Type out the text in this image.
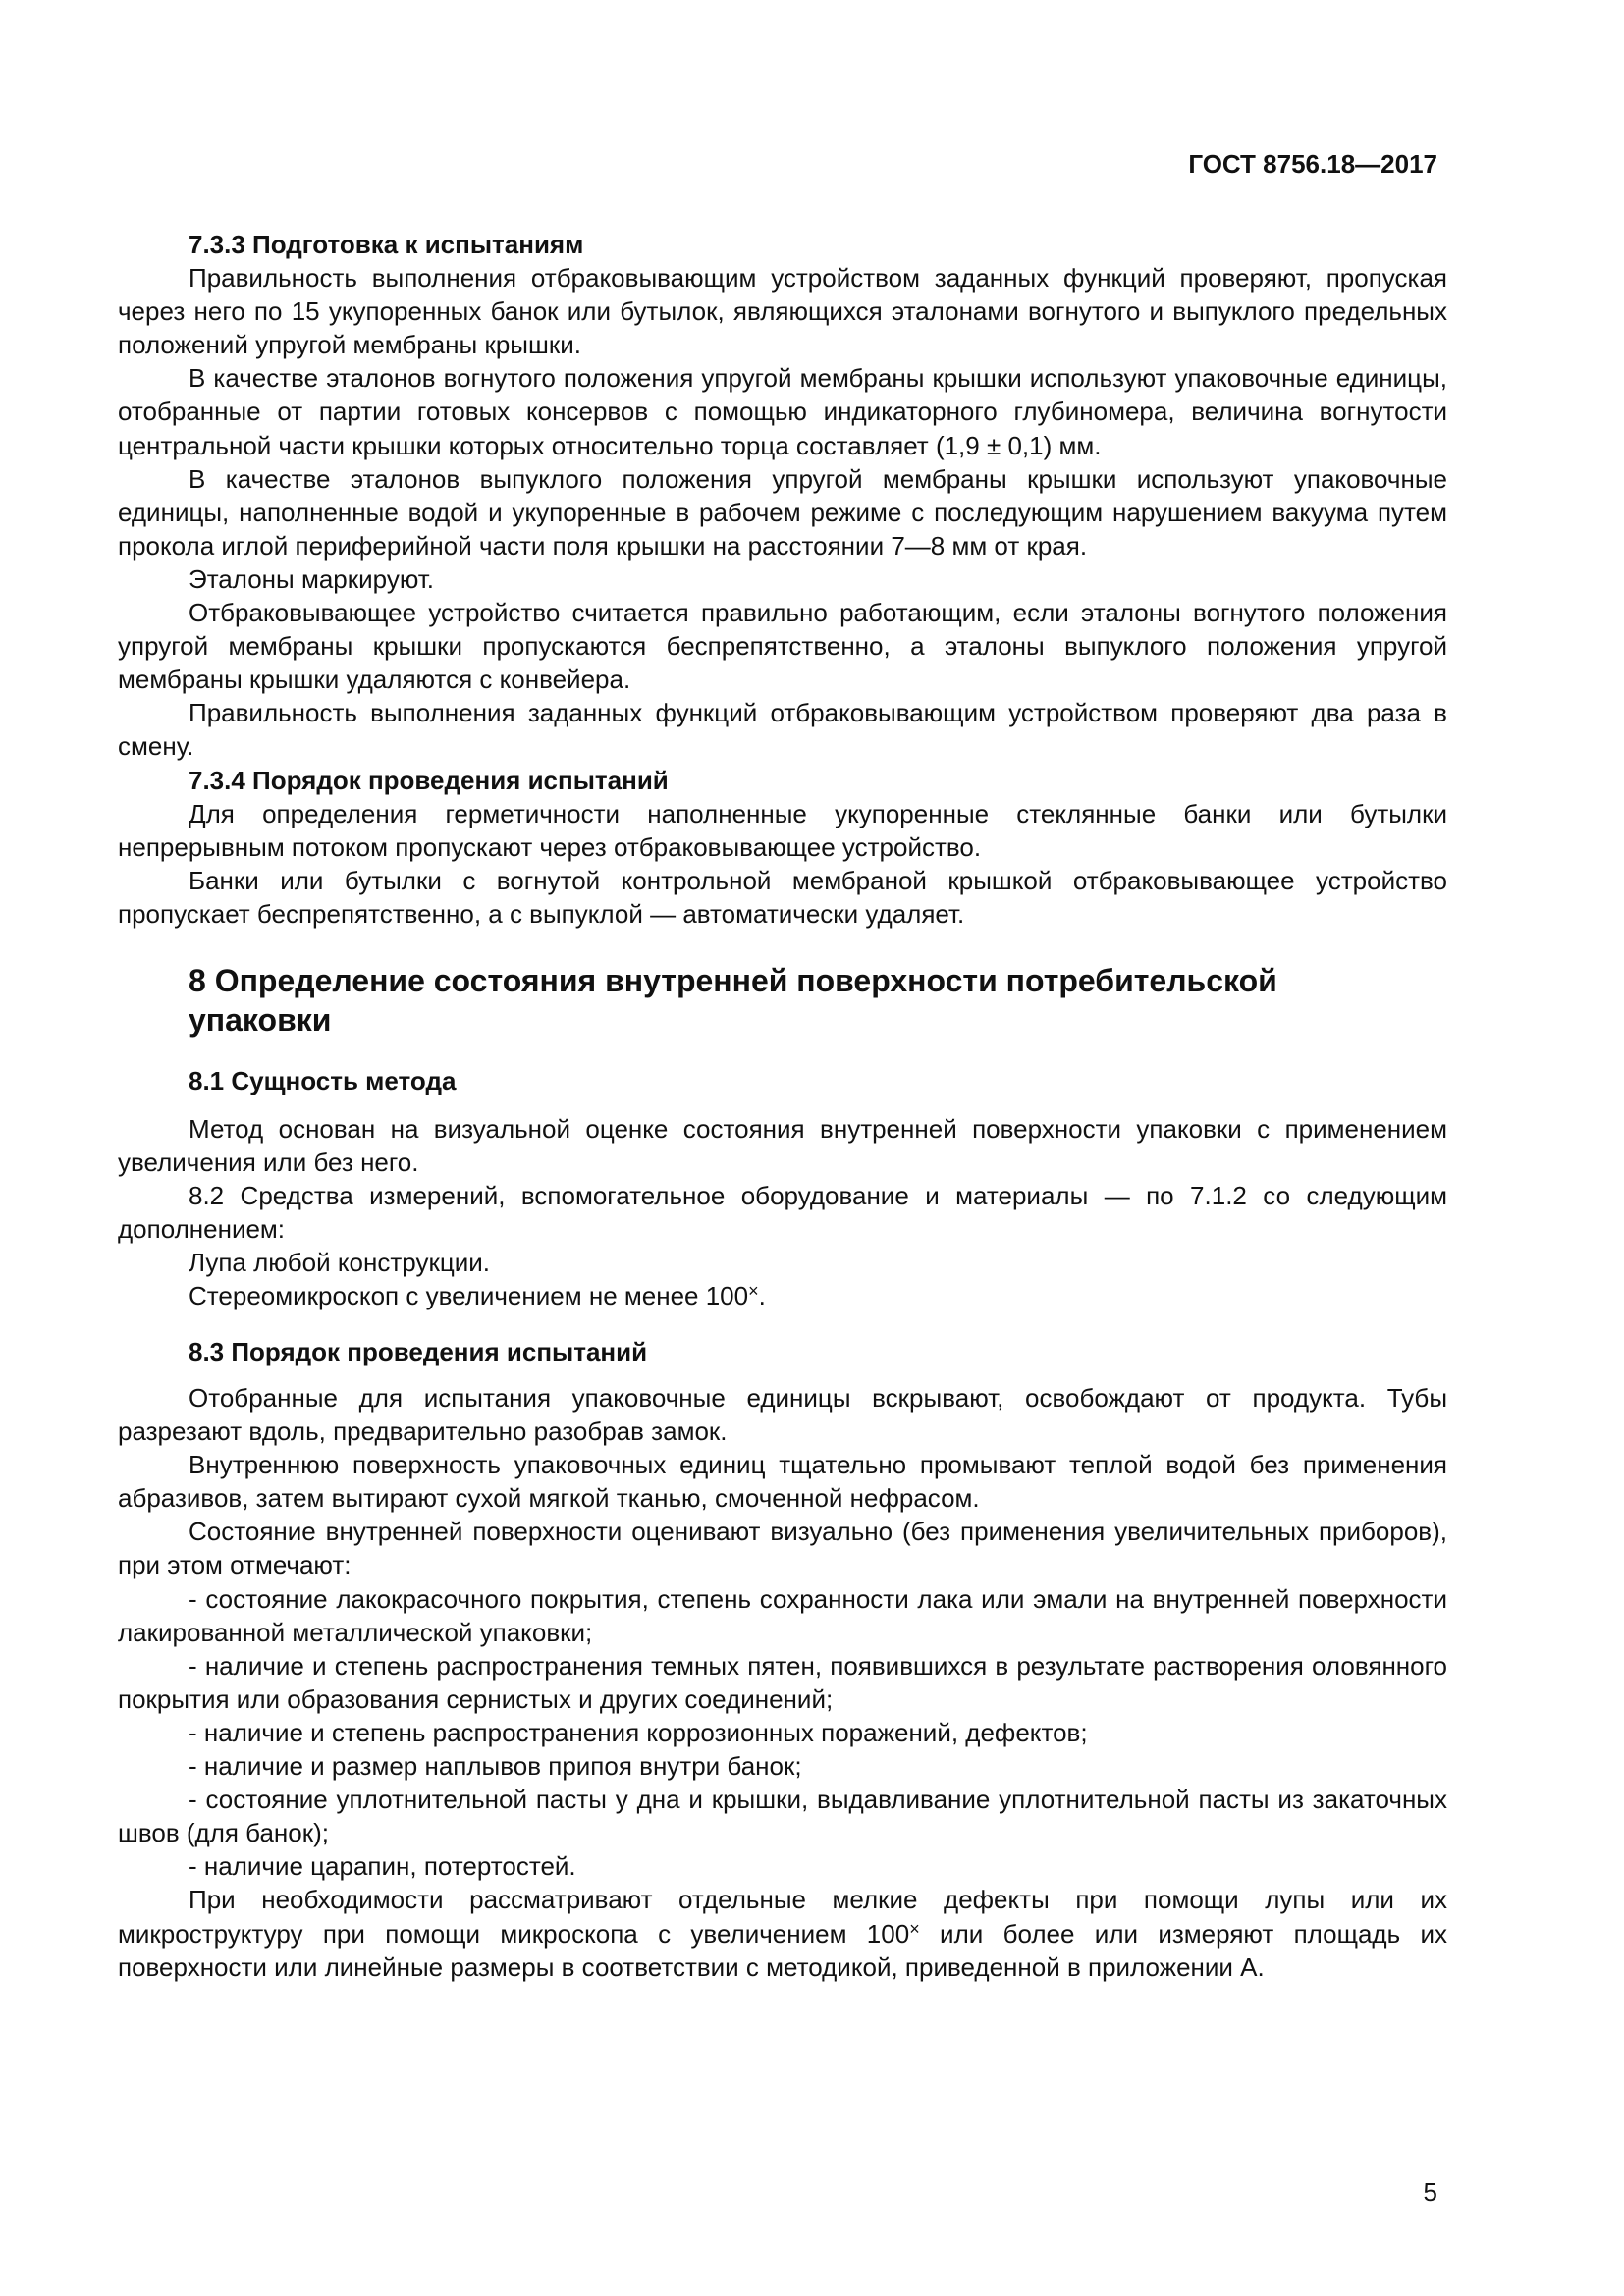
ГОСТ 8756.18—2017

7.3.3 Подготовка к испытаниям

Правильность выполнения отбраковывающим устройством заданных функций проверяют, пропуская через него по 15 укупоренных банок или бутылок, являющихся эталонами вогнутого и выпуклого предельных положений упругой мембраны крышки.

В качестве эталонов вогнутого положения упругой мембраны крышки используют упаковочные единицы, отобранные от партии готовых консервов с помощью индикаторного глубиномера, величина вогнутости центральной части крышки которых относительно торца составляет (1,9 ± 0,1) мм.

В качестве эталонов выпуклого положения упругой мембраны крышки используют упаковочные единицы, наполненные водой и укупоренные в рабочем режиме с последующим нарушением вакуума путем прокола иглой периферийной части поля крышки на расстоянии 7—8 мм от края.

Эталоны маркируют.

Отбраковывающее устройство считается правильно работающим, если эталоны вогнутого положения упругой мембраны крышки пропускаются беспрепятственно, а эталоны выпуклого положения упругой мембраны крышки удаляются с конвейера.

Правильность выполнения заданных функций отбраковывающим устройством проверяют два раза в смену.

7.3.4 Порядок проведения испытаний

Для определения герметичности наполненные укупоренные стеклянные банки или бутылки непрерывным потоком пропускают через отбраковывающее устройство.

Банки или бутылки с вогнутой контрольной мембраной крышкой отбраковывающее устройство пропускает беспрепятственно, а с выпуклой — автоматически удаляет.

8 Определение состояния внутренней поверхности потребительской упаковки

8.1 Сущность метода

Метод основан на визуальной оценке состояния внутренней поверхности упаковки с применением увеличения или без него.

8.2 Средства измерений, вспомогательное оборудование и материалы — по 7.1.2 со следующим дополнением:

Лупа любой конструкции.

Стереомикроскоп с увеличением не менее 100×.

8.3 Порядок проведения испытаний

Отобранные для испытания упаковочные единицы вскрывают, освобождают от продукта. Тубы разрезают вдоль, предварительно разобрав замок.

Внутреннюю поверхность упаковочных единиц тщательно промывают теплой водой без применения абразивов, затем вытирают сухой мягкой тканью, смоченной нефрасом.

Состояние внутренней поверхности оценивают визуально (без применения увеличительных приборов), при этом отмечают:

- состояние лакокрасочного покрытия, степень сохранности лака или эмали на внутренней поверхности лакированной металлической упаковки;

- наличие и степень распространения темных пятен, появившихся в результате растворения оловянного покрытия или образования сернистых и других соединений;

- наличие и степень распространения коррозионных поражений, дефектов;

- наличие и размер наплывов припоя внутри банок;

- состояние уплотнительной пасты у дна и крышки, выдавливание уплотнительной пасты из закаточных швов (для банок);

- наличие царапин, потертостей.

При необходимости рассматривают отдельные мелкие дефекты при помощи лупы или их микроструктуру при помощи микроскопа с увеличением 100× или более или измеряют площадь их поверхности или линейные размеры в соответствии с методикой, приведенной в приложении А.

5
